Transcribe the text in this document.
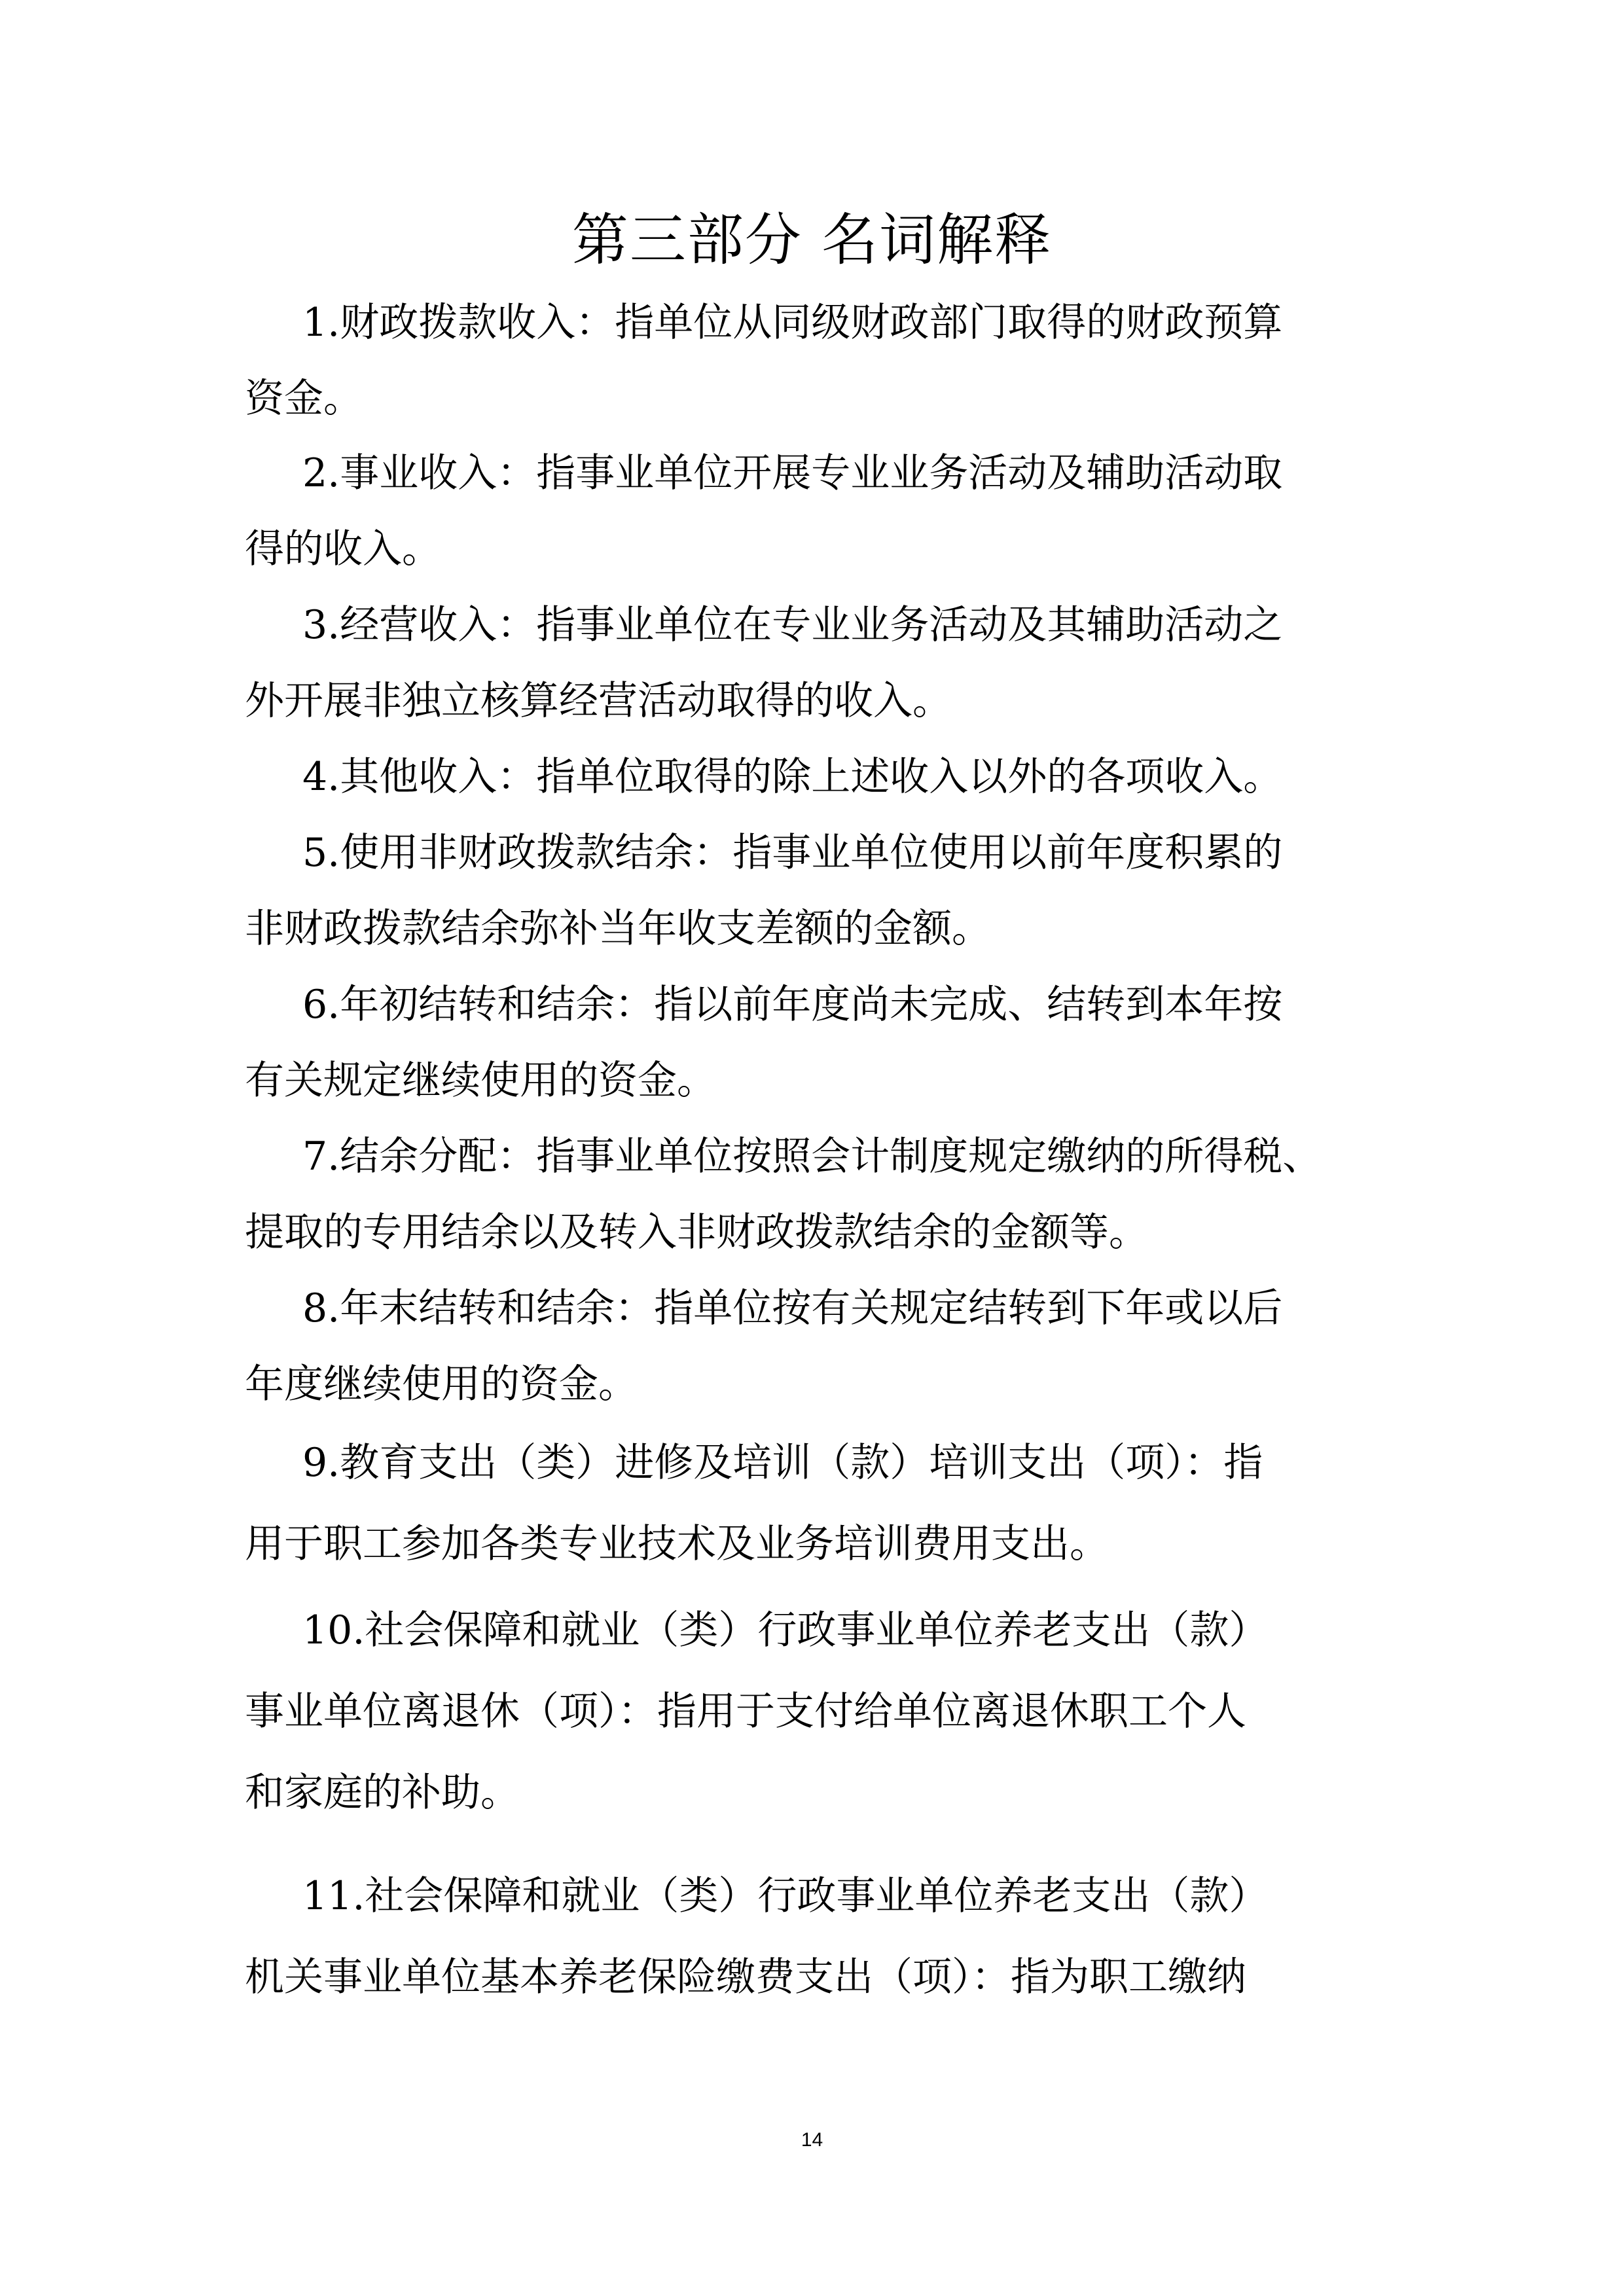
第三部分 名词解释
1.财政拨款收入：指单位从同级财政部门取得的财政预算
资金。
2.事业收入：指事业单位开展专业业务活动及辅助活动取
得的收入。
3.经营收入：指事业单位在专业业务活动及其辅助活动之
外开展非独立核算经营活动取得的收入。
4.其他收入：指单位取得的除上述收入以外的各项收入。
5.使用非财政拨款结余：指事业单位使用以前年度积累的
非财政拨款结余弥补当年收支差额的金额。
6.年初结转和结余：指以前年度尚未完成、结转到本年按
有关规定继续使用的资金。
7.结余分配：指事业单位按照会计制度规定缴纳的所得税、
提取的专用结余以及转入非财政拨款结余的金额等。
8.年末结转和结余：指单位按有关规定结转到下年或以后
年度继续使用的资金。
9.教育支出（类）进修及培训（款）培训支出（项）：指
用于职工参加各类专业技术及业务培训费用支出。
10.社会保障和就业（类）行政事业单位养老支出（款）
事业单位离退休（项）：指用于支付给单位离退休职工个人
和家庭的补助。
11.社会保障和就业（类）行政事业单位养老支出（款）
机关事业单位基本养老保险缴费支出（项）：指为职工缴纳
14
